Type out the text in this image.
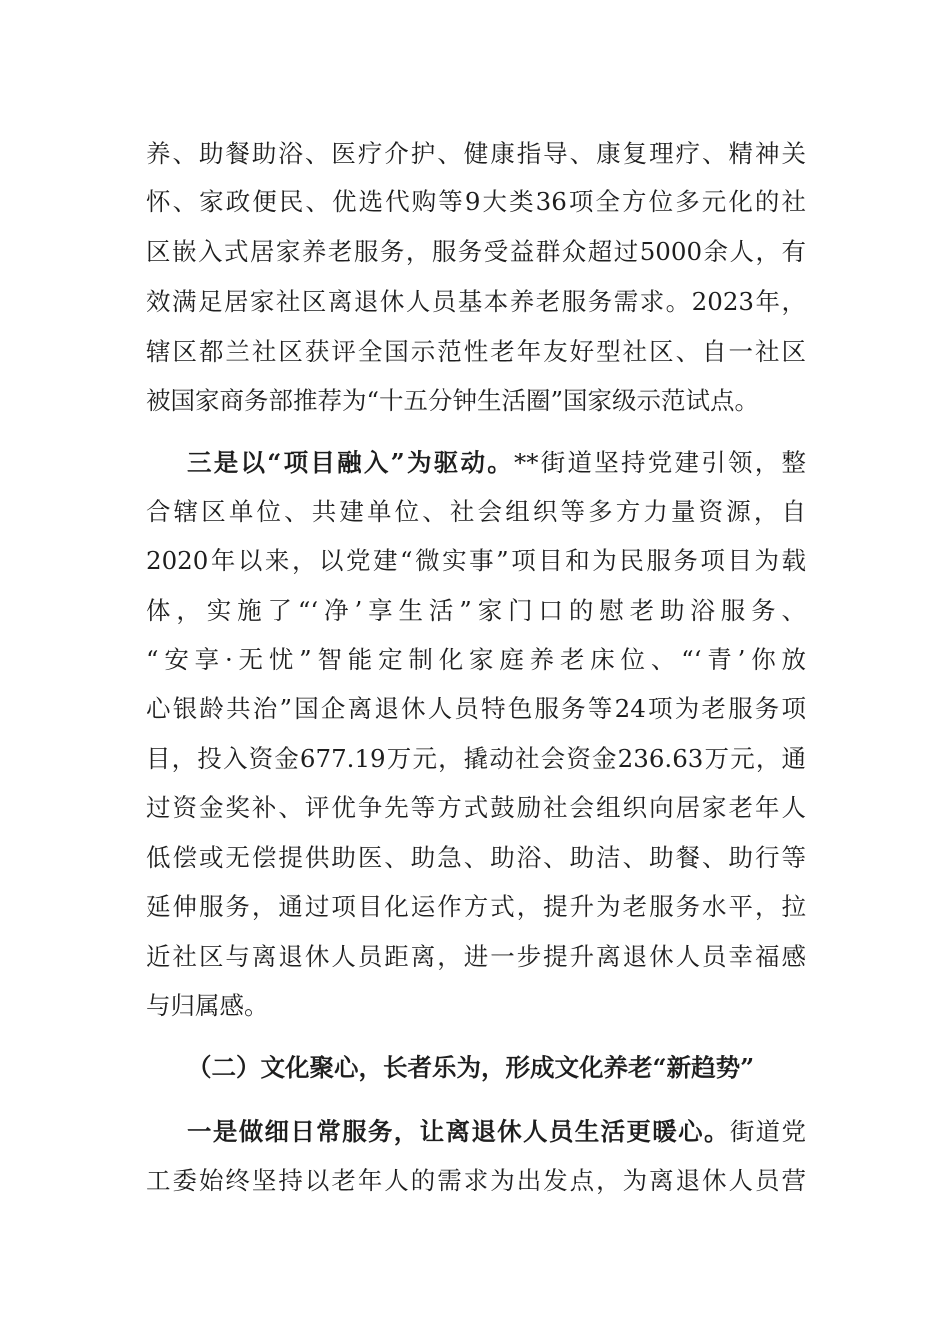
养、助餐助浴、医疗介护、健康指导、康复理疗、精神关
怀、家政便民、优选代购等9大类36项全方位多元化的社
区嵌入式居家养老服务，服务受益群众超过5000余人，有
效满足居家社区离退休人员基本养老服务需求。2023年，
辖区都兰社区获评全国示范性老年友好型社区、自一社区
被国家商务部推荐为“十五分钟生活圈”国家级示范试点。
三是以“项目融入”为驱动。**街道坚持党建引领，整
合辖区单位、共建单位、社会组织等多方力量资源，自
2020年以来，以党建“微实事”项目和为民服务项目为载
体，实施了“‘净’享生活”家门口的慰老助浴服务、
“安享·无忧”智能定制化家庭养老床位、“‘青’你放
心银龄共治”国企离退休人员特色服务等24项为老服务项
目，投入资金677.19万元，撬动社会资金236.63万元，通
过资金奖补、评优争先等方式鼓励社会组织向居家老年人
低偿或无偿提供助医、助急、助浴、助洁、助餐、助行等
延伸服务，通过项目化运作方式，提升为老服务水平，拉
近社区与离退休人员距离，进一步提升离退休人员幸福感
与归属感。
（二）文化聚心，长者乐为，形成文化养老“新趋势”
一是做细日常服务，让离退休人员生活更暖心。街道党
工委始终坚持以老年人的需求为出发点，为离退休人员营
